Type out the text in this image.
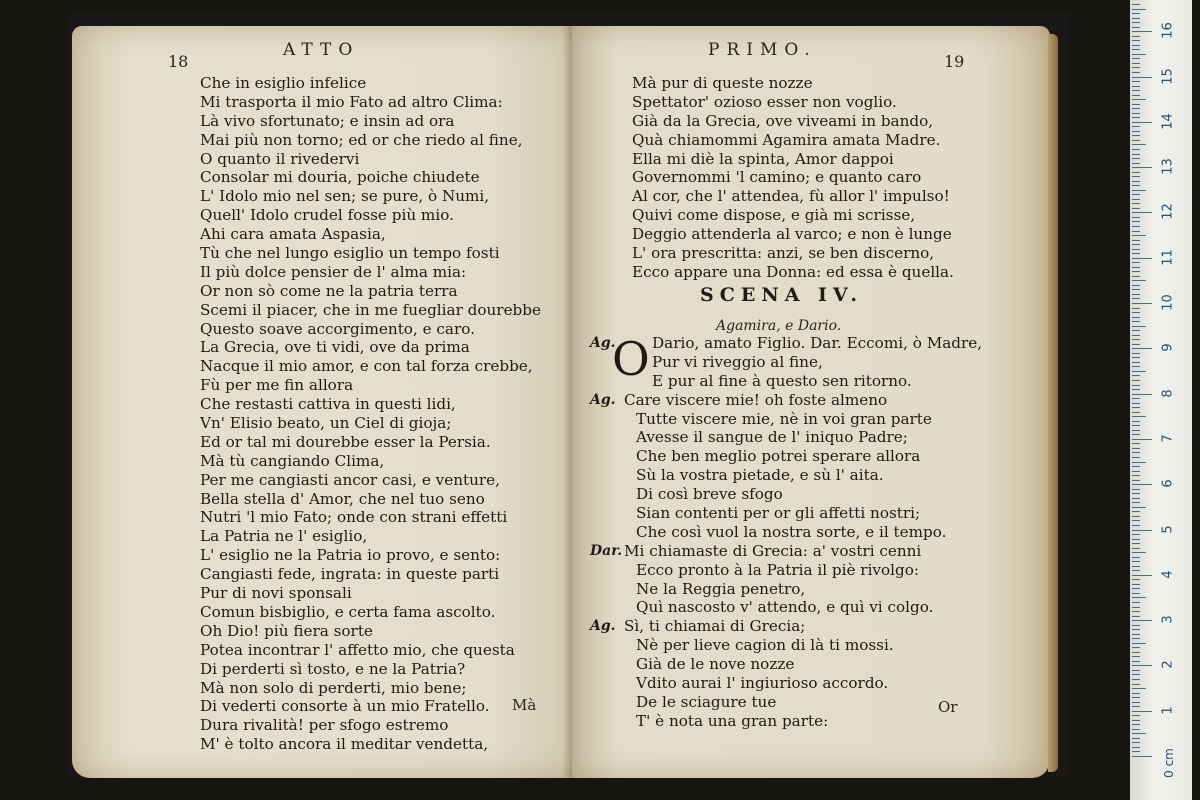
18
ATTO
Che in esiglio infelice
Mi trasporta il mio Fato ad altro Clima:
Là vivo sfortunato; e insin ad ora
Mai più non torno; ed or che riedo al fine,
O quanto il rivedervi
Consolar mi douria, poiche chiudete
L' Idolo mio nel sen; se pure, ò Numi,
Quell' Idolo crudel fosse più mio.
Ahi cara amata Aspasia,
Tù che nel lungo esiglio un tempo fosti
Il più dolce pensier de l' alma mia:
Or non sò come ne la patria terra
Scemi il piacer, che in me fuegliar dourebbe
Questo soave accorgimento, e caro.
La Grecia, ove ti vidi, ove da prima
Nacque il mio amor, e con tal forza crebbe,
Fù per me fin allora
Che restasti cattiva in questi lidi,
Vn' Elisio beato, un Ciel di gioja;
Ed or tal mi dourebbe esser la Persia.
Mà tù cangiando Clima,
Per me cangiasti ancor casi, e venture,
Bella stella d' Amor, che nel tuo seno
Nutri 'l mio Fato; onde con strani effetti
La Patria ne l' esiglio,
L' esiglio ne la Patria io provo, e sento:
Cangiasti fede, ingrata: in queste parti
Pur di novi sponsali
Comun bisbiglio, e certa fama ascolto.
Oh Dio! più fiera sorte
Potea incontrar l' affetto mio, che questa
Di perderti sì tosto, e ne la Patria?
Mà non solo di perderti, mio bene;
Di vederti consorte à un mio Fratello.
Dura rivalità! per sfogo estremo
M' è tolto ancora il meditar vendetta,
Mà
PRIMO.
19
Mà pur di queste nozze
Spettator' ozioso esser non voglio.
Già da la Grecia, ove viveami in bando,
Quà chiamommi Agamira amata Madre.
Ella mi diè la spinta, Amor dappoi
Governommi 'l camino; e quanto caro
Al cor, che l' attendea, fù allor l' impulso!
Quivi come dispose, e già mi scrisse,
Deggio attenderla al varco; e non è lunge
L' ora prescritta: anzi, se ben discerno,
Ecco appare una Donna: ed essa è quella.
SCENA IV.
Agamira, e Dario.
O
Ag. Dario, amato Figlio. Dar. Eccomi, ò Madre,
Pur vi riveggio al fine,
E pur al fine à questo sen ritorno.
Ag. Care viscere mie! oh foste almeno
Tutte viscere mie, nè in voi gran parte
Avesse il sangue de l' iniquo Padre;
Che ben meglio potrei sperare allora
Sù la vostra pietade, e sù l' aita.
Di così breve sfogo
Sian contenti per or gli affetti nostri;
Che così vuol la nostra sorte, e il tempo.
Dar. Mi chiamaste di Grecia: a' vostri cenni
Ecco pronto à la Patria il piè rivolgo:
Ne la Reggia penetro,
Quì nascosto v' attendo, e quì vi colgo.
Ag. Sì, ti chiamai di Grecia;
Nè per lieve cagion di là ti mossi.
Già de le nove nozze
Vdito aurai l' ingiurioso accordo.
De le sciagure tue
T' è nota una gran parte:
Or
0 cm
1
2
3
4
5
6
7
8
9
10
11
12
13
14
15
16
